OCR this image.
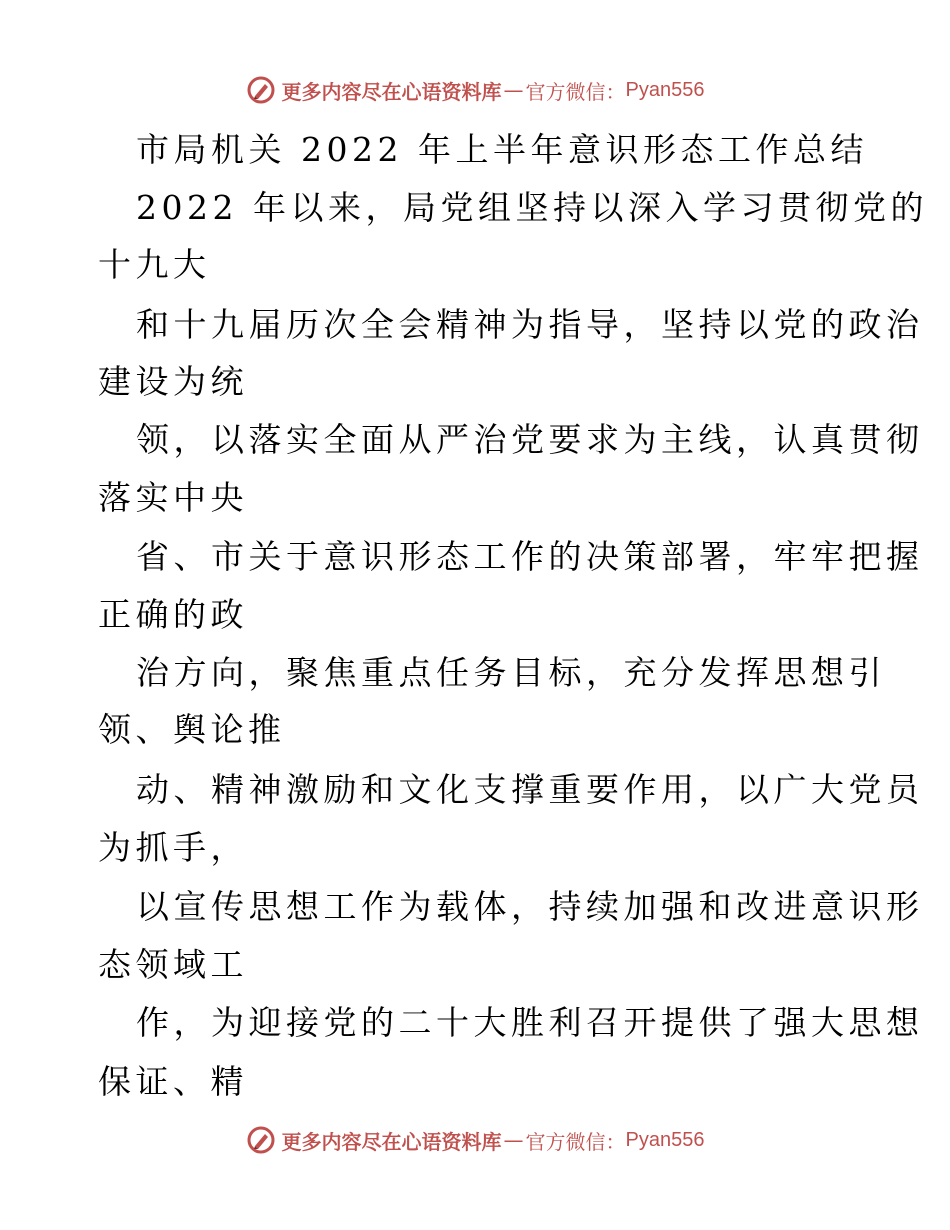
更多内容尽在心语资料库 — 官方微信： Pyan556
市局机关 2022 年上半年意识形态工作总结
2022 年以来，局党组坚持以深入学习贯彻党的
十九大
和十九届历次全会精神为指导，坚持以党的政治
建设为统
领，以落实全面从严治党要求为主线，认真贯彻
落实中央
省、市关于意识形态工作的决策部署，牢牢把握
正确的政
治方向，聚焦重点任务目标，充分发挥思想引
领、舆论推
动、精神激励和文化支撑重要作用，以广大党员
为抓手，
以宣传思想工作为载体，持续加强和改进意识形
态领域工
作，为迎接党的二十大胜利召开提供了强大思想
保证、精
更多内容尽在心语资料库 — 官方微信： Pyan556
